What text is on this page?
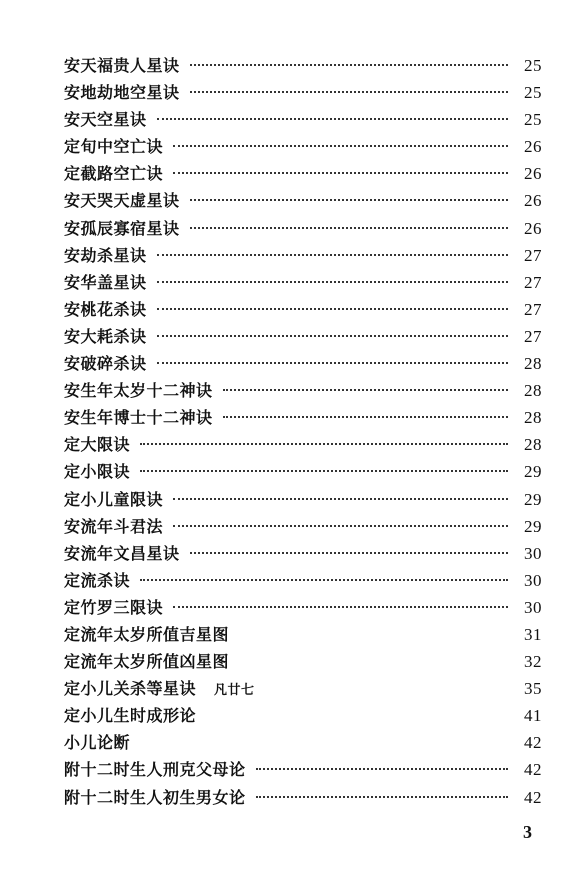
安天福贵人星诀	25
安地劫地空星诀	25
安天空星诀	25
定旬中空亡诀	26
定截路空亡诀	26
安天哭天虚星诀	26
安孤辰寡宿星诀	26
安劫杀星诀	27
安华盖星诀	27
安桃花杀诀	27
安大耗杀诀	27
安破碎杀诀	28
安生年太岁十二神诀	28
安生年博士十二神诀	28
定大限诀	28
定小限诀	29
定小儿童限诀	29
安流年斗君法	29
安流年文昌星诀	30
定流杀诀	30
定竹罗三限诀	30
定流年太岁所值吉星图	31
定流年太岁所值凶星图	32
定小儿关杀等星诀 凡廿七	35
定小儿生时成形论	41
小儿论断	42
附十二时生人刑克父母论	42
附十二时生人初生男女论	42
3
